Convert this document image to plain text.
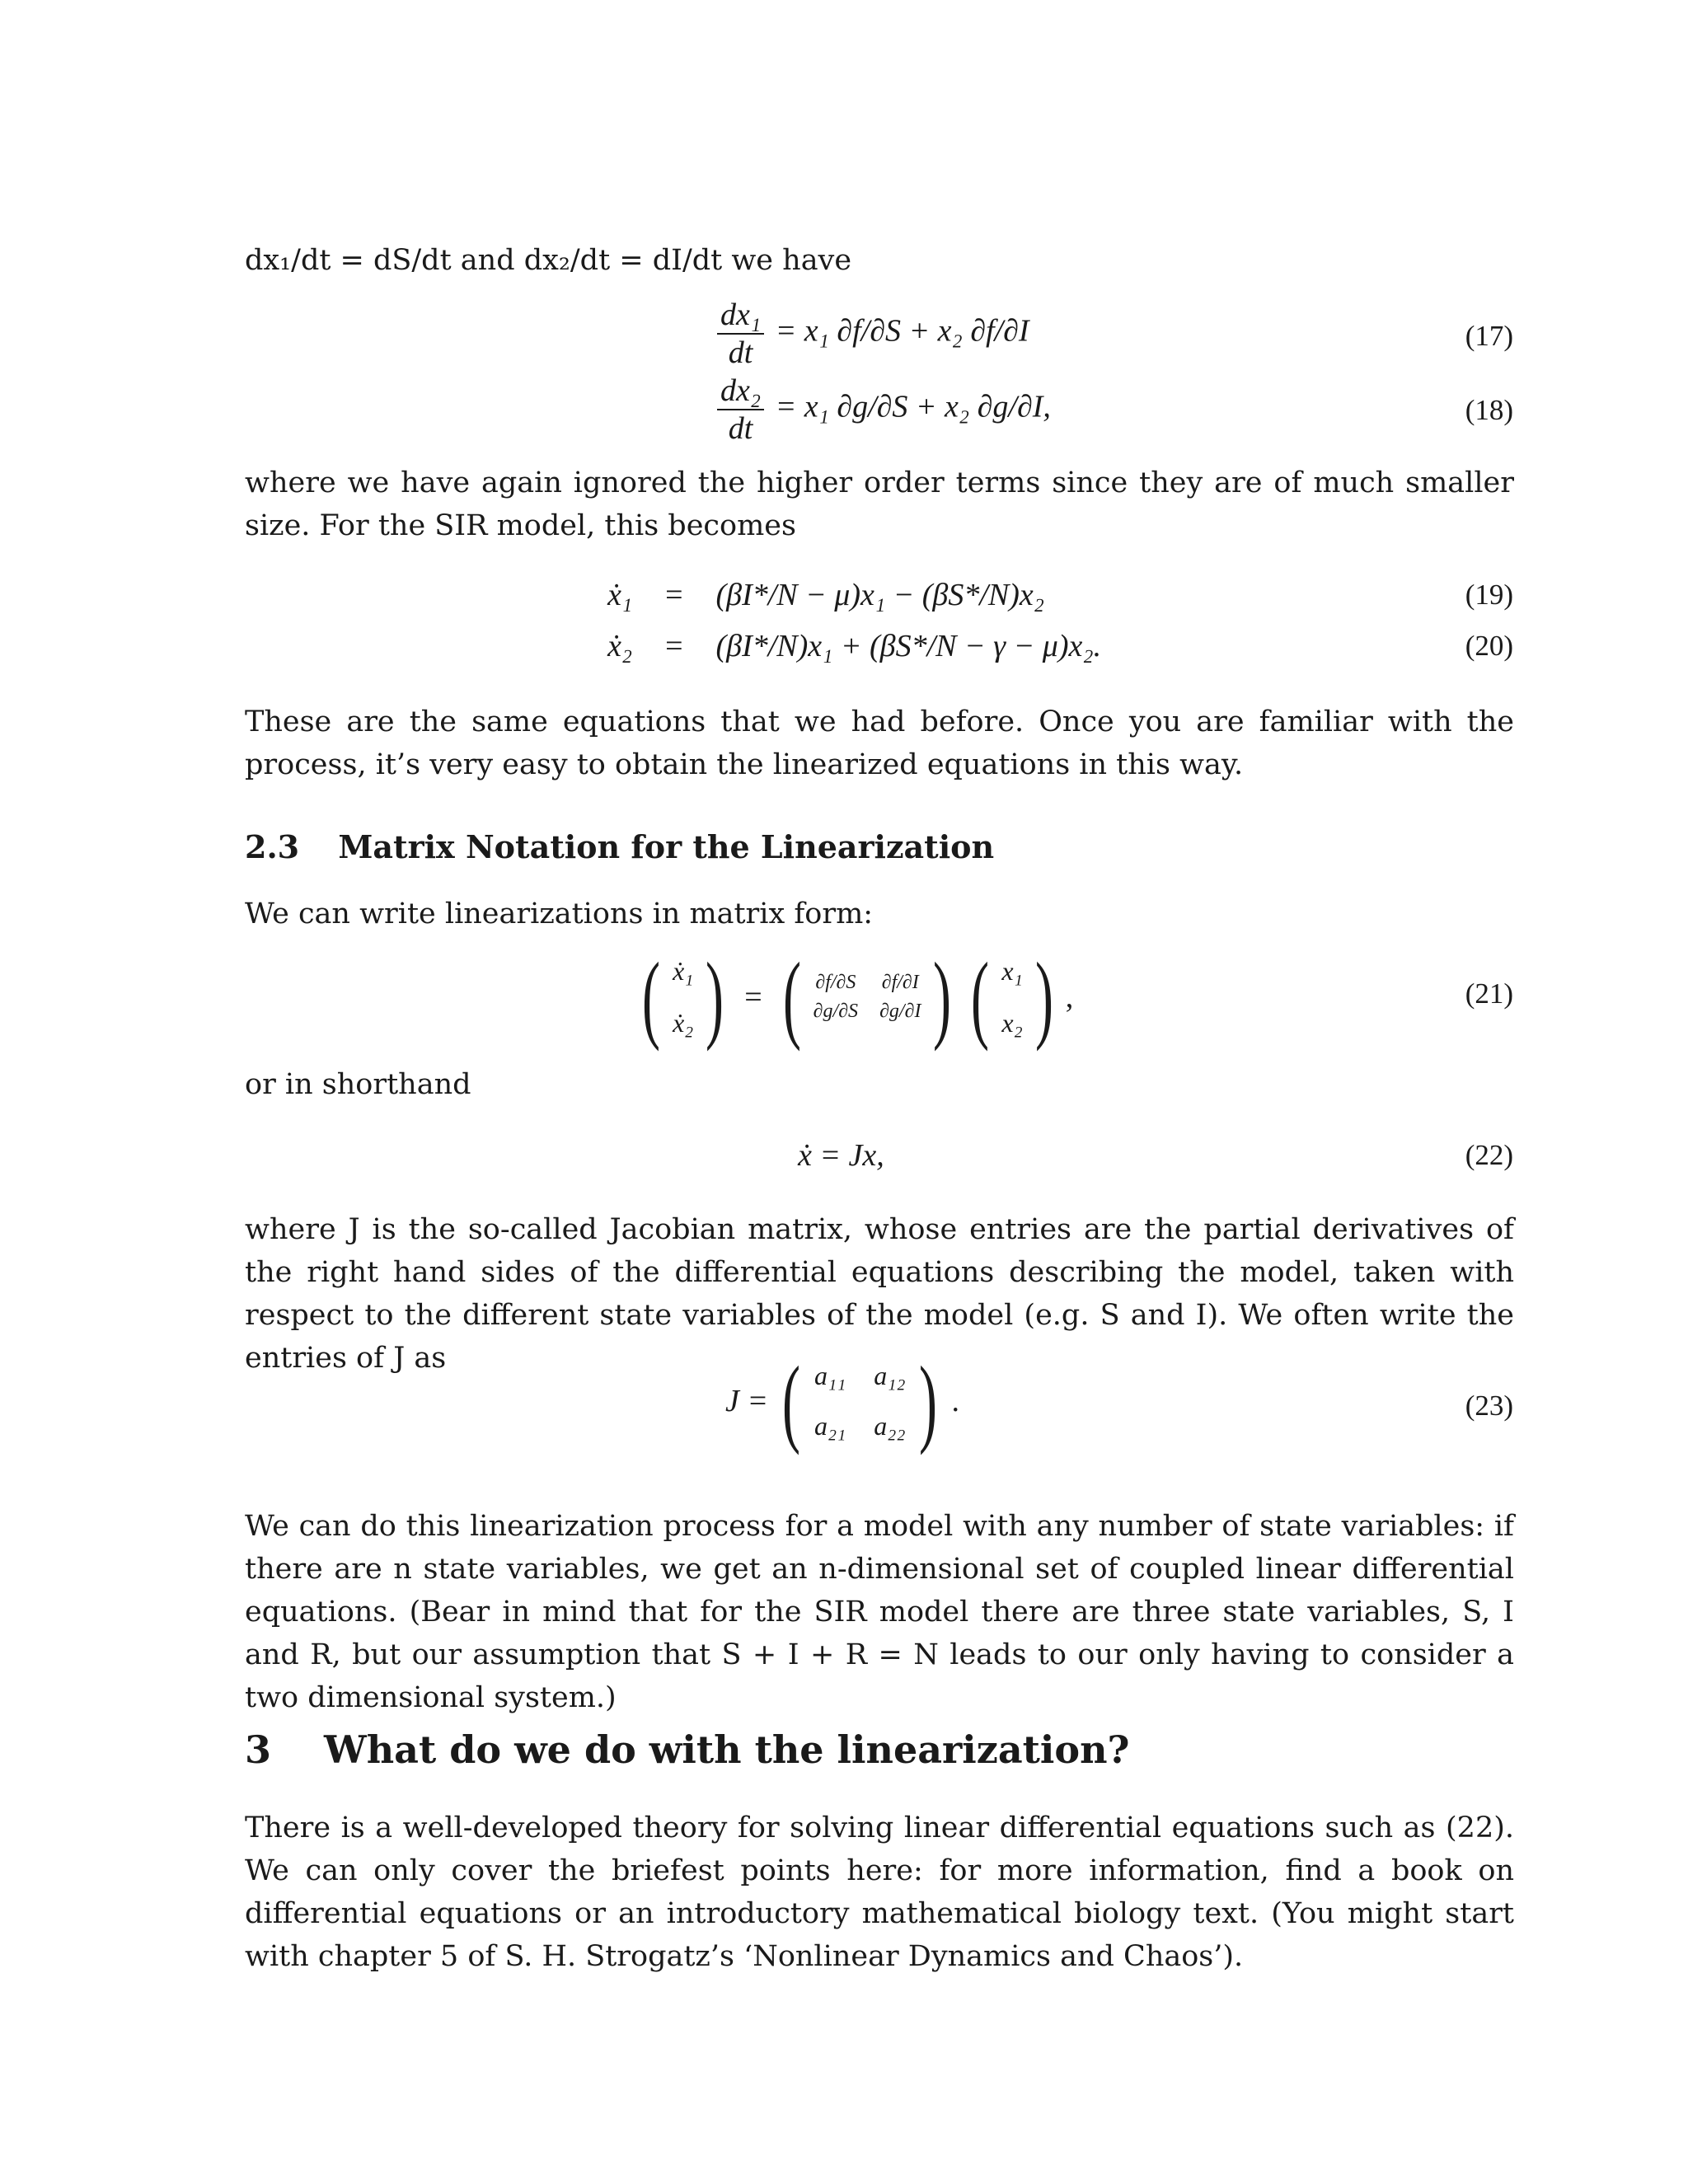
dx₁/dt = dS/dt and dx₂/dt = dI/dt we have
$\frac{\text{dx₁}}{dt} = x_1$ ∂f/∂S + x₂ ∂f/∂I	(17)
$\frac{\text{dx₂}}{dt} = x_1$ ∂g/∂S + x₂ ∂g/∂I,	(18)
where we have again ignored the higher order terms since they are of much smaller size. For the SIR model, this becomes
ẋ₁ = (βI*/N − μ)x₁ − (βS*/N)x₂	(19)
ẋ₂ = (βI*/N)x₁ + (βS*/N − γ − μ)x₂.	(20)
These are the same equations that we had before. Once you are familiar with the process, it’s very easy to obtain the linearized equations in this way.
2.3 Matrix Notation for the Linearization
We can write linearizations in matrix form:
( ẋ₁
ẋ₂ ) = ( ∂f/∂S ∂f/∂I
∂g/∂S ∂g/∂I ) ( x₁
x₂ ) ,	(21)
or in shorthand
ẋ = Jx,	(22)
where J is the so-called Jacobian matrix, whose entries are the partial derivatives of the right hand sides of the differential equations describing the model, taken with respect to the different state variables of the model (e.g. S and I). We often write the entries of J as
J = ( a₁₁ a₁₂
a₂₁ a₂₂ ) .	(23)
We can do this linearization process for a model with any number of state variables: if there are n state variables, we get an n-dimensional set of coupled linear differential equations. (Bear in mind that for the SIR model there are three state variables, S, I and R, but our assumption that S + I + R = N leads to our only having to consider a two dimensional system.)
3 What do we do with the linearization?
There is a well-developed theory for solving linear differential equations such as (22). We can only cover the briefest points here: for more information, find a book on differential equations or an introductory mathematical biology text. (You might start with chapter 5 of S. H. Strogatz’s ‘Nonlinear Dynamics and Chaos’).
